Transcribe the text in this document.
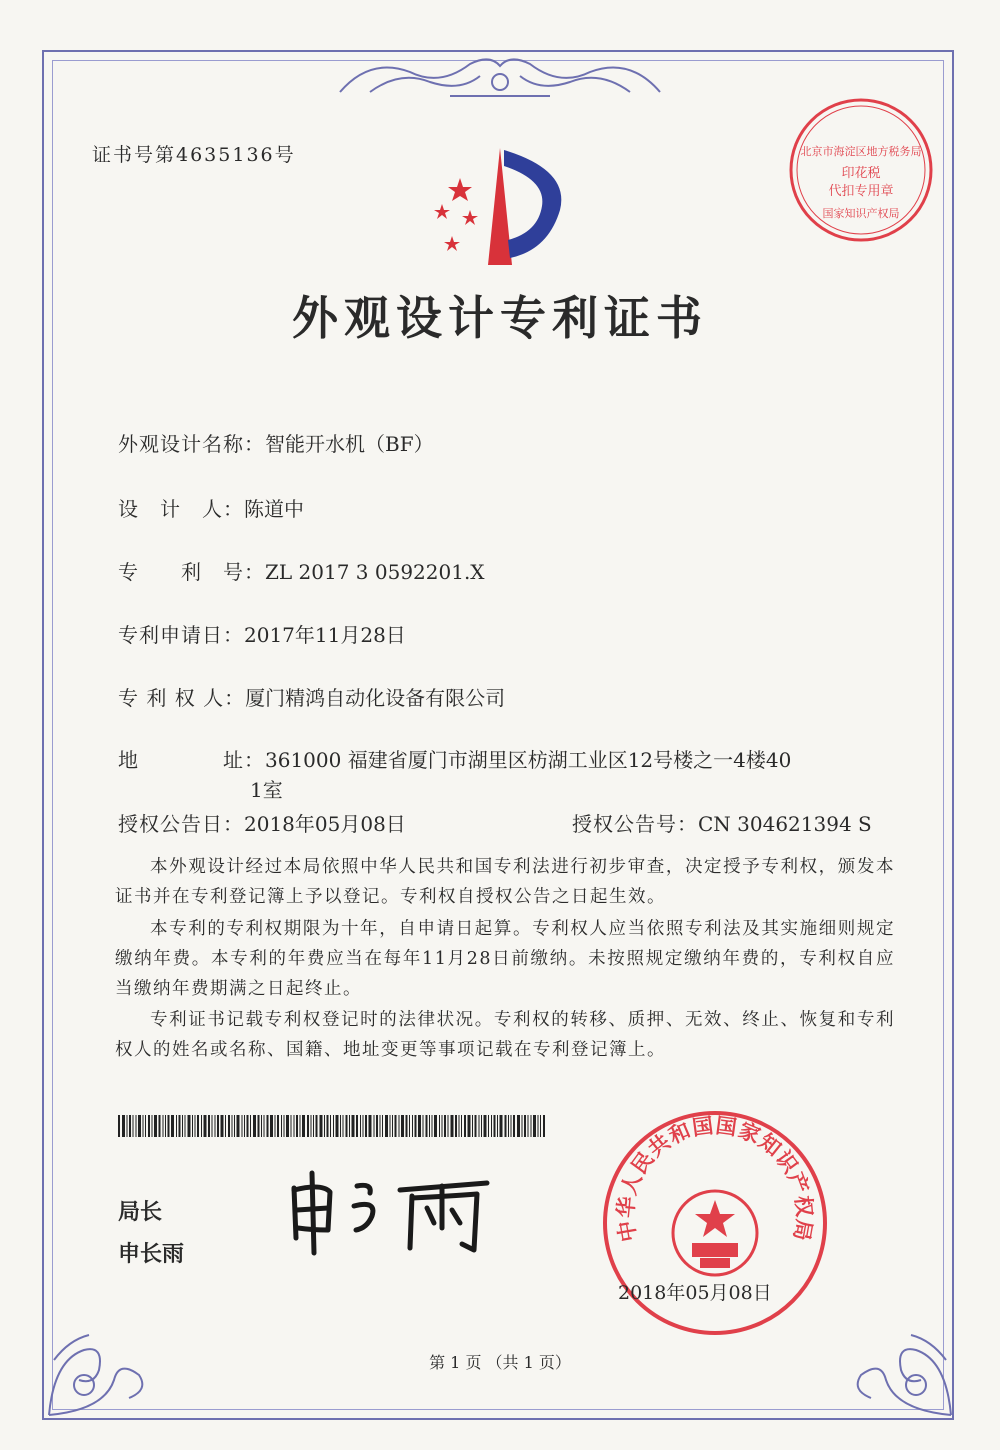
证书号第4635136号	北京市海淀区地方税务局
印花税
代扣专用章
国家知识产权局
外观设计专利证书
外观设计名称：智能开水机（BF）
设　计　人：陈道中
专　　利　号：ZL 2017 3 0592201.X
专利申请日：2017年11月28日
专 利 权 人：厦门精鸿自动化设备有限公司
地　　　　址：361000 福建省厦门市湖里区枋湖工业区12号楼之一4楼40
1室
授权公告日：2018年05月08日	授权公告号：CN 304621394 S
本外观设计经过本局依照中华人民共和国专利法进行初步审查，决定授予专利权，颁发本证书并在专利登记簿上予以登记。专利权自授权公告之日起生效。
本专利的专利权期限为十年，自申请日起算。专利权人应当依照专利法及其实施细则规定缴纳年费。本专利的年费应当在每年11月28日前缴纳。未按照规定缴纳年费的，专利权自应当缴纳年费期满之日起终止。
专利证书记载专利权登记时的法律状况。专利权的转移、质押、无效、终止、恢复和专利权人的姓名或名称、国籍、地址变更等事项记载在专利登记簿上。
局长
申长雨
中华人民共和国国家知识产权局
2018年05月08日
第 1 页 （共 1 页）
